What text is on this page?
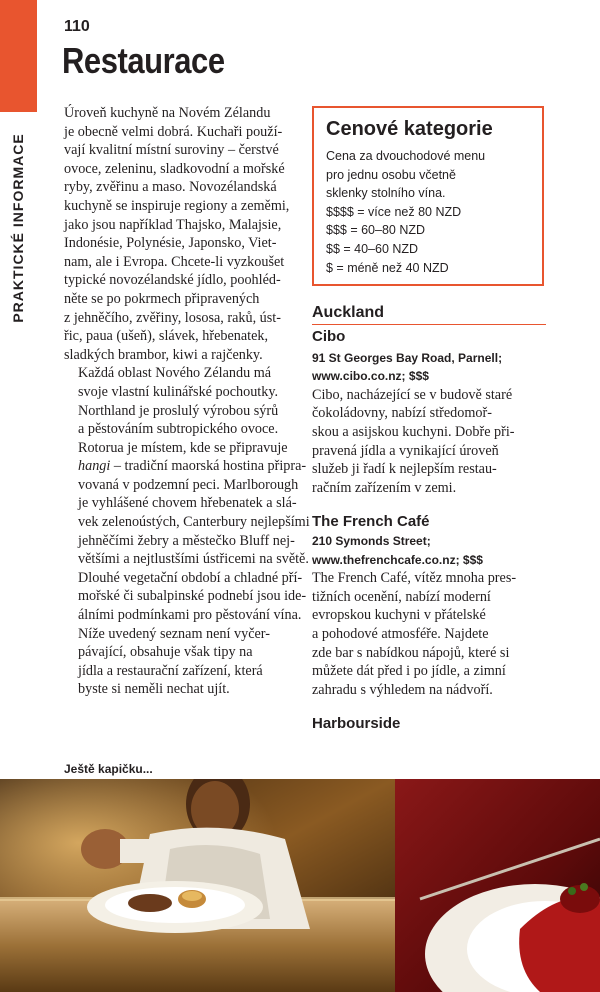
PRAKTICKÉ INFORMACE
110
Restaurace

Úroveň kuchyně na Novém Zélandu
je obecně velmi dobrá. Kuchaři použí-
vají kvalitní místní suroviny – čerstvé
ovoce, zeleninu, sladkovodní a mořské
ryby, zvěřinu a maso. Novozélandská
kuchyně se inspiruje regiony a zeměmi,
jako jsou například Thajsko, Malajsie,
Indonésie, Polynésie, Japonsko, Viet-
nam, ale i Evropa. Chcete-li vyzkoušet
typické novozélandské jídlo, poohléd-
něte se po pokrmech připravených
z jehněčího, zvěřiny, lososa, raků, úst-
řic, paua (ušeň), slávek, hřebenatek,
sladkých brambor, kiwi a rajčenky.

Každá oblast Nového Zélandu má
svoje vlastní kulinářské pochoutky.
Northland je proslulý výrobou sýrů
a pěstováním subtropického ovoce.
Rotorua je místem, kde se připravuje
hangi – tradiční maorská hostina připra-
vovaná v podzemní peci. Marlborough
je vyhlášené chovem hřebenatek a slá-
vek zelenoústých, Canterbury nejlepšími
jehněčími žebry a městečko Bluff nej-
většími a nejtlustšími ústřicemi na světě.
Dlouhé vegetační období a chladné pří-
mořské či subalpinské podnebí jsou ide-
álními podmínkami pro pěstování vína.
Níže uvedený seznam není vyčer-
pávající, obsahuje však tipy na
jídla a restaurační zařízení, která
byste si neměli nechat ujít.

Cenové kategorie
Cena za dvouchodové menu
pro jednu osobu včetně
sklenky stolního vína.
$$$$ = více než 80 NZD
$$$ = 60–80 NZD
$$ = 40–60 NZD
$ = méně než 40 NZD
Auckland
Cibo
91 St Georges Bay Road, Parnell;
www.cibo.co.nz; $$$
Cibo, nacházející se v budově staré
čokoládovny, nabízí středomoř-
skou a asijskou kuchyni. Dobře při-
pravená jídla a vynikající úroveň
služeb ji řadí k nejlepším restau-
račním zařízením v zemi.
The French Café
210 Symonds Street;
www.thefrenchcafe.co.nz; $$$
The French Café, vítěz mnoha pres-
tižních ocenění, nabízí moderní
evropskou kuchyni v přátelské
a pohodové atmosféře. Najdete
zde bar s nabídkou nápojů, které si
můžete dát před i po jídle, a zimní
zahradu s výhledem na nádvoří.
Harbourside
Ještě kapičku...
